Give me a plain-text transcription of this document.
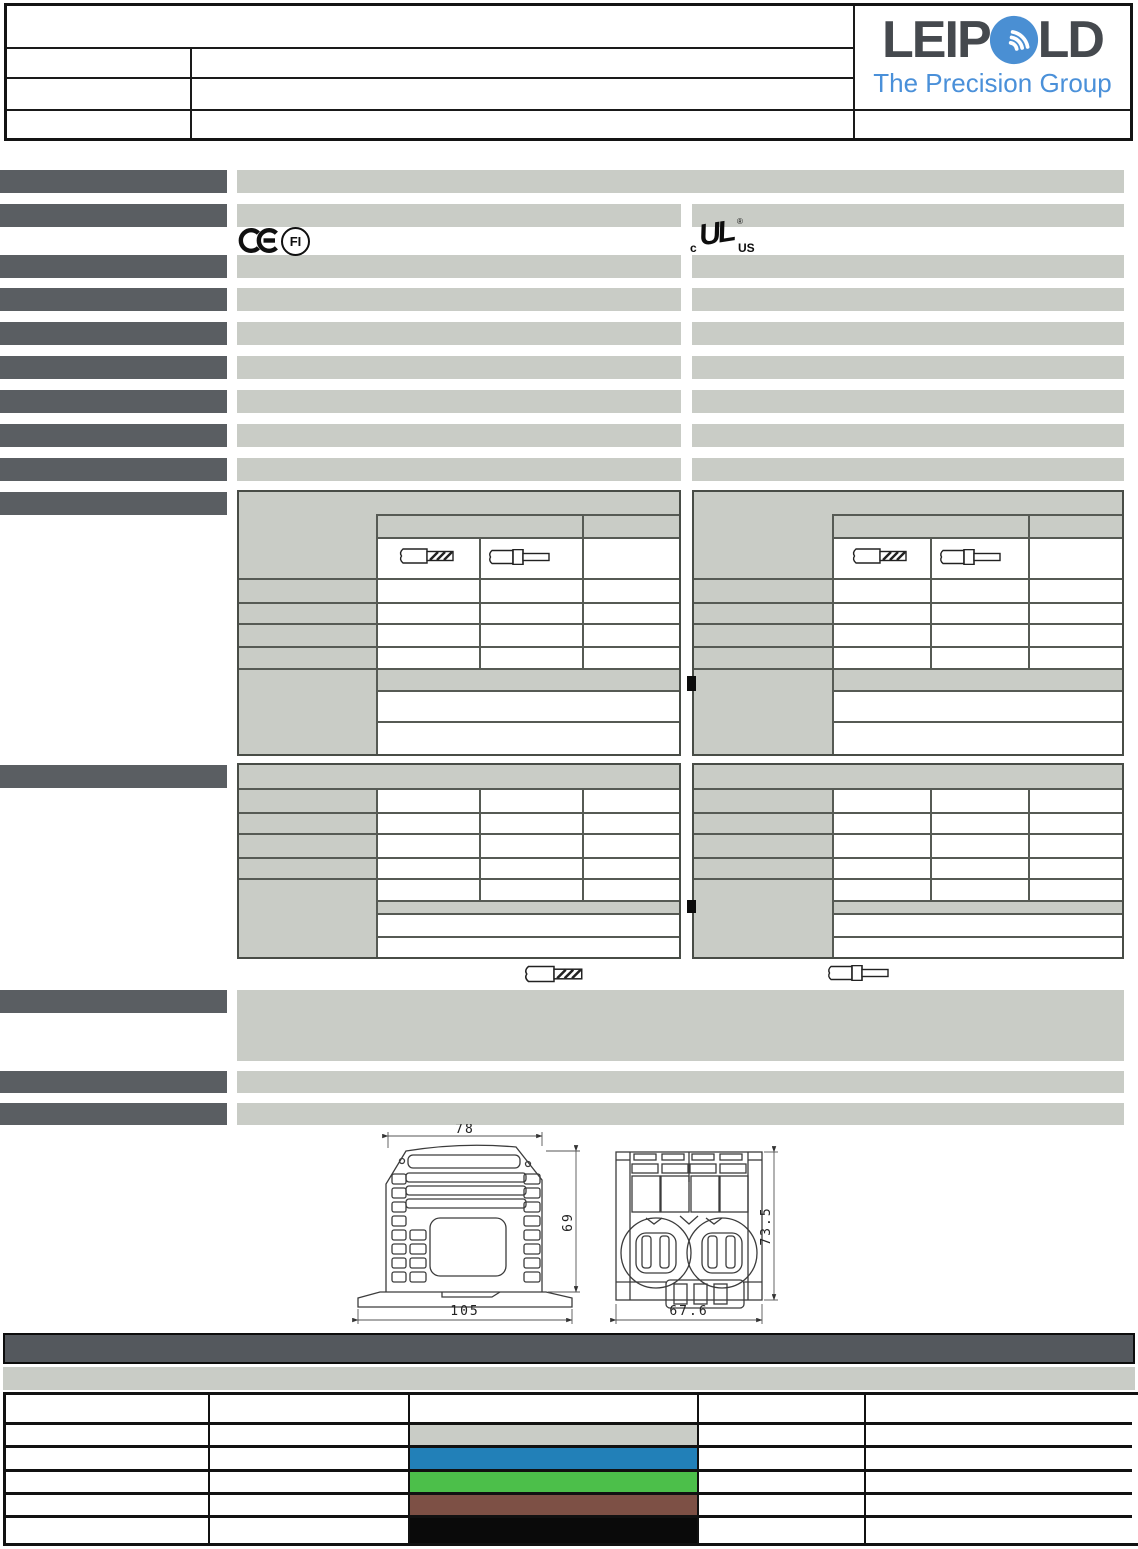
LEIP LD
The Precision Group
FI	c UL ®
US
78
69
105
73.5
67.6
